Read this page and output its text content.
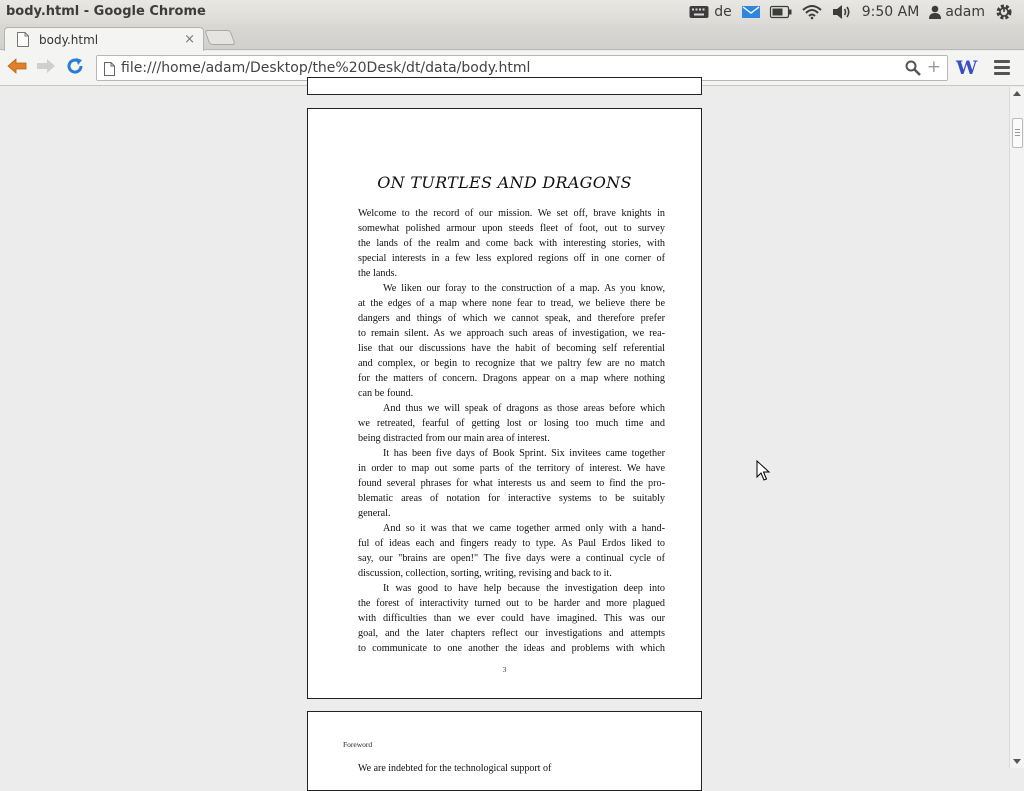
body.html - Google Chrome	de	9:50 AM	adam
body.html	×
file:///home/adam/Desktop/the%20Desk/dt/data/body.html	+ W
ON TURTLES AND DRAGONS
Welcome to the record of our mission. We set off, brave knights in
somewhat polished armour upon steeds fleet of foot, out to survey
the lands of the realm and come back with interesting stories, with
special interests in a few less explored regions off in one corner of
the lands.
We liken our foray to the construction of a map. As you know,
at the edges of a map where none fear to tread, we believe there be
dangers and things of which we cannot speak, and therefore prefer
to remain silent. As we approach such areas of investigation, we rea-
lise that our discussions have the habit of becoming self referential
and complex, or begin to recognize that we paltry few are no match
for the matters of concern. Dragons appear on a map where nothing
can be found.
And thus we will speak of dragons as those areas before which
we retreated, fearful of getting lost or losing too much time and
being distracted from our main area of interest.
It has been five days of Book Sprint. Six invitees came together
in order to map out some parts of the territory of interest. We have
found several phrases for what interests us and seem to find the pro-
blematic areas of notation for interactive systems to be suitably
general.
And so it was that we came together armed only with a hand-
ful of ideas each and fingers ready to type. As Paul Erdos liked to
say, our "brains are open!" The five days were a continual cycle of
discussion, collection, sorting, writing, revising and back to it.
It was good to have help because the investigation deep into
the forest of interactivity turned out to be harder and more plagued
with difficulties than we ever could have imagined. This was our
goal, and the later chapters reflect our investigations and attempts
to communicate to one another the ideas and problems with which
3
Foreword
We are indebted for the technological support of
